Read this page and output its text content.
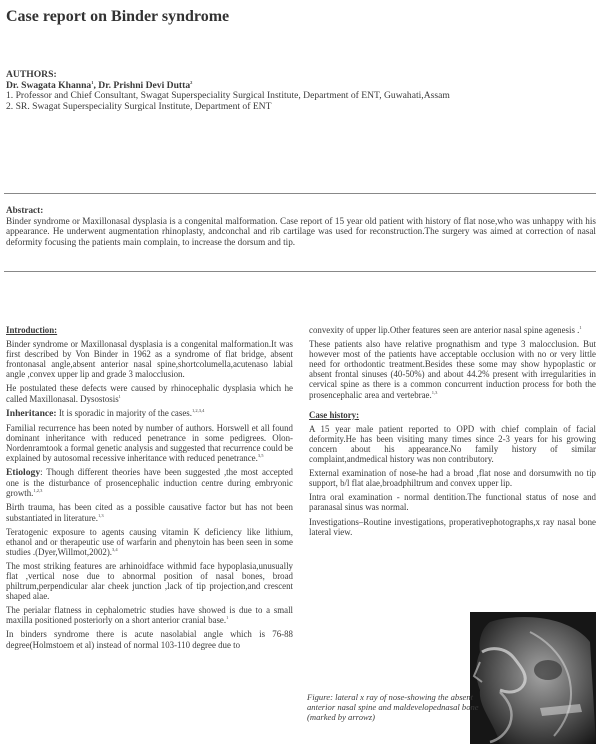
Case report on Binder syndrome
AUTHORS:
Dr. Swagata Khanna$^1$, Dr. Prishni Devi Dutta$^2$
1. Professor and Chief Consultant, Swagat Superspeciality Surgical Institute, Department of ENT, Guwahati,Assam
2. SR. Swagat Superspeciality Surgical Institute, Department of ENT
Abstract:
Binder syndrome or Maxillonasal dysplasia is a congenital malformation. Case report of 15 year old patient with history of flat nose,who was unhappy with his appearance. He underwent augmentation rhinoplasty, andconchal and rib cartilage was used for reconstruction.The surgery was aimed at correction of nasal deformity focusing the patients main complain, to increase the dorsum and tip.

Introduction:

Binder syndrome or Maxillonasal dysplasia is a congenital malformation.It was first described by Von Binder in 1962 as a syndrome of flat bridge, absent frontonasal angle,absent anterior nasal spine,shortcolumella,acutenaso labial angle ,convex upper lip and grade 3 malocclusion.

He postulated these defects were caused by rhinocephalic dysplasia which he called Maxillonasal. Dysostosis$^1$

Inheritance: It is sporadic in majority of the cases.$^{1,2,3,4}$

Familial recurrence has been noted by number of authors. Horswell et all found dominant inheritance with reduced penetrance in some pedigrees. Olon-Nordenramtook a formal genetic analysis and suggested that recurrence could be explained by autosomal recessive inheritance with reduced penetrance.$^{3,5}$

Etiology: Though different theories have been suggested ,the most accepted one is the disturbance of prosencephalic induction centre during embryonic growth.$^{1,2,3}$

Birth trauma, has been cited as a possible causative factor but has not been substantiated in literature.$^{1,3}$

Teratogenic exposure to agents causing vitamin K deficiency like lithium, ethanol and or therapeutic use of warfarin and phenytoin has been seen in some studies .(Dyer,Willmot,2002).$^{3,4}$

The most striking features are arhinoidface withmid face hypoplasia,unusually flat ,vertical nose due to abnormal position of nasal bones, broad philtrum,perpendicular alar cheek junction ,lack of tip projection,and crescent shaped alae.

The perialar flatness in cephalometric studies have showed is due to a small maxilla positioned posteriorly on a short anterior cranial base.$^1$

In binders syndrome there is acute nasolabial angle which is 76-88 degree(Holmstoem et al) instead of normal 103-110 degree due to

convexity of upper lip.Other features seen are anterior nasal spine agenesis .$^1$

These patients also have relative prognathism and type 3 malocclusion. But however most of the patients have acceptable occlusion with no or very little need for orthodontic treatment.Besides these some may show hypoplastic or absent frontal sinuses (40-50%) and about 44.2% present with irregularities in cervical spine as there is a common concurrent induction process for both the prosencephalic area and vertebrae.$^{1,3}$

Case history:

A 15 year male patient reported to OPD with chief complain of facial deformity.He has been visiting many times since 2-3 years for his growing concern about his appearance.No family history of similar complaint,andmedical history was non contributory.

External examination of nose-he had a broad ,flat nose and dorsumwith no tip support, b/l flat alae,broadphiltrum and convex upper lip.

Intra oral examination - normal dentition.The functional status of nose and paranasal sinus was normal.

Investigations–Routine investigations, properativephotographs,x ray nasal bone lateral view.

Figure: lateral x ray of nose-showing the absent anterior nasal spine and maldevelopednasal bone (marked by arrowz)
